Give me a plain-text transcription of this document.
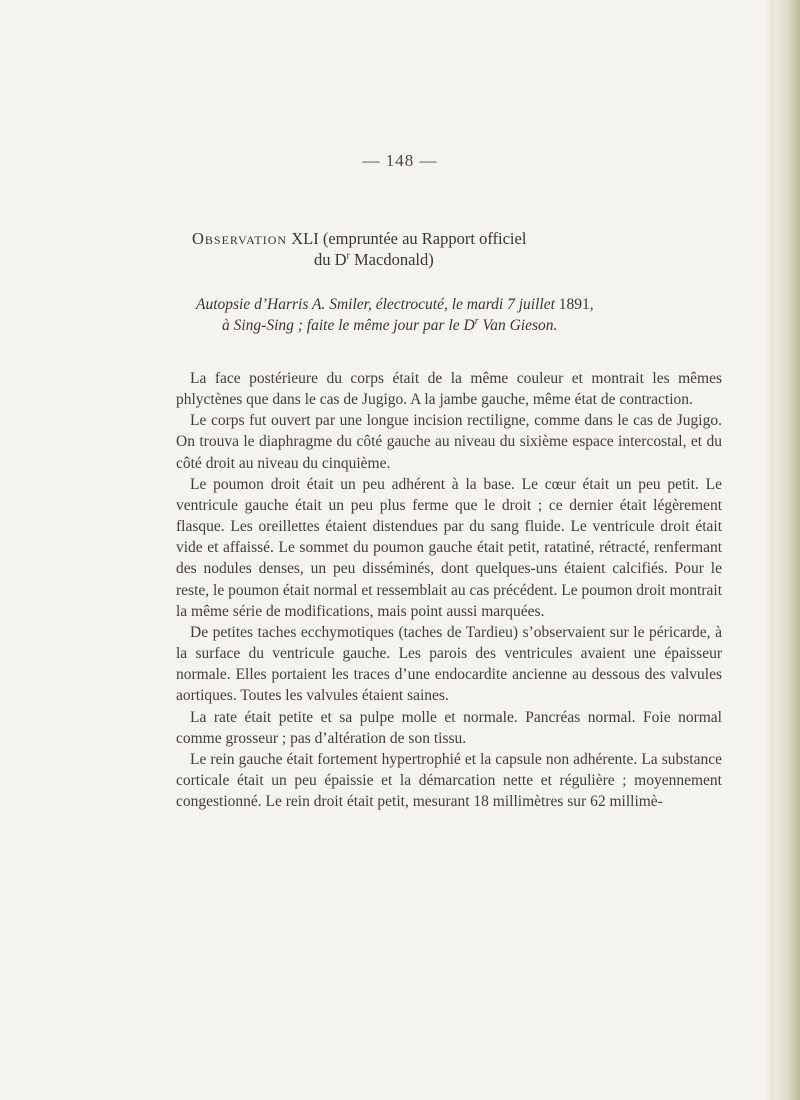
— 148 —
Observation XLI (empruntée au Rapport officiel
du $D^r$ Macdonald)
Autopsie d’Harris A. Smiler, électrocuté, le mardi 7 juillet 1891,
à Sing-Sing ; faite le même jour par le $D^r$ Van Gieson.

La face postérieure du corps était de la même couleur et montrait les mêmes phlyctènes que dans le cas de Jugigo. A la jambe gauche, même état de contraction.

Le corps fut ouvert par une longue incision rectiligne, comme dans le cas de Jugigo. On trouva le diaphragme du côté gauche au niveau du sixième espace intercostal, et du côté droit au niveau du cinquième.

Le poumon droit était un peu adhérent à la base. Le cœur était un peu petit. Le ventricule gauche était un peu plus ferme que le droit ; ce dernier était légèrement flasque. Les oreillettes étaient distendues par du sang fluide. Le ventricule droit était vide et affaissé. Le sommet du poumon gauche était petit, ratatiné, rétracté, renfermant des nodules denses, un peu disséminés, dont quelques-uns étaient calcifiés. Pour le reste, le poumon était normal et ressemblait au cas précédent. Le poumon droit montrait la même série de modifications, mais point aussi marquées.

De petites taches ecchymotiques (taches de Tardieu) s’observaient sur le péricarde, à la surface du ventricule gauche. Les parois des ventricules avaient une épaisseur normale. Elles portaient les traces d’une endocardite ancienne au dessous des valvules aortiques. Toutes les valvules étaient saines.

La rate était petite et sa pulpe molle et normale. Pancréas normal. Foie normal comme grosseur ; pas d’altération de son tissu.

Le rein gauche était fortement hypertrophié et la capsule non adhérente. La substance corticale était un peu épaissie et la démarcation nette et régulière ; moyennement congestionné. Le rein droit était petit, mesurant 18 millimètres sur 62 millimè-
